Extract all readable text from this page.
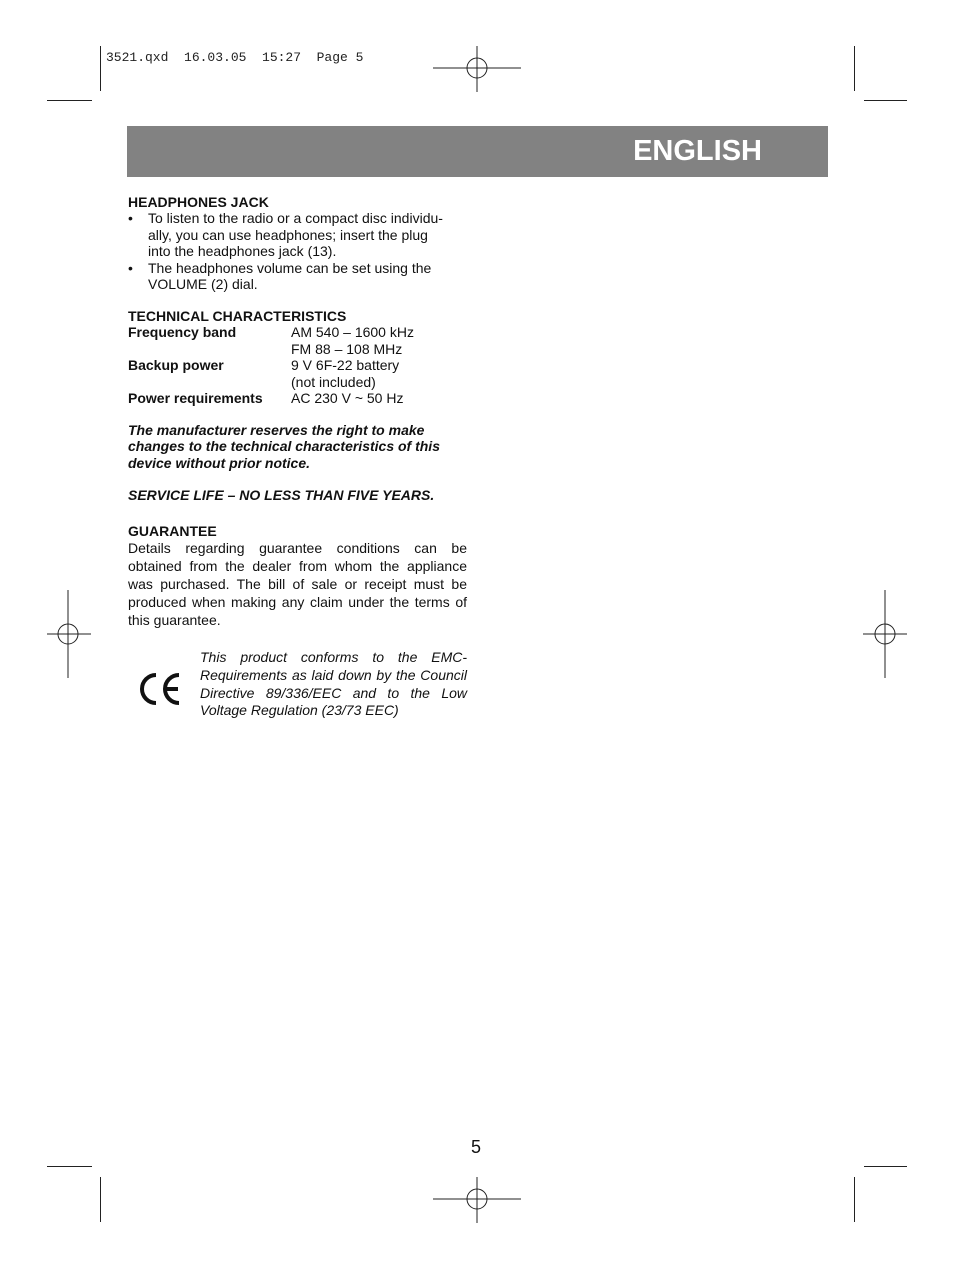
3521.qxd  16.03.05  15:27  Page 5
ENGLISH
HEADPHONES JACK
• To listen to the radio or a compact disc individu-
ally, you can use headphones; insert the plug
into the headphones jack (13).
• The headphones volume can be set using the
VOLUME (2) dial.
TECHNICAL CHARACTERISTICS
Frequency band	AM 540 – 1600 kHz
FM 88 – 108 MHz
Backup power	9 V 6F-22 battery
(not included)
Power requirements	AC 230 V ~ 50 Hz
The manufacturer reserves the right to make
changes to the technical characteristics of this
device without prior notice.
SERVICE LIFE – NO LESS THAN FIVE YEARS.
GUARANTEE
Details regarding guarantee conditions can be obtained from the dealer from whom the appliance was purchased. The bill of sale or receipt must be produced when making any claim under the terms of this guarantee.
This product conforms to the EMC-Requirements as laid down by the Council Directive 89/336/EEC and to the Low Voltage Regulation (23/73 EEC)
5
